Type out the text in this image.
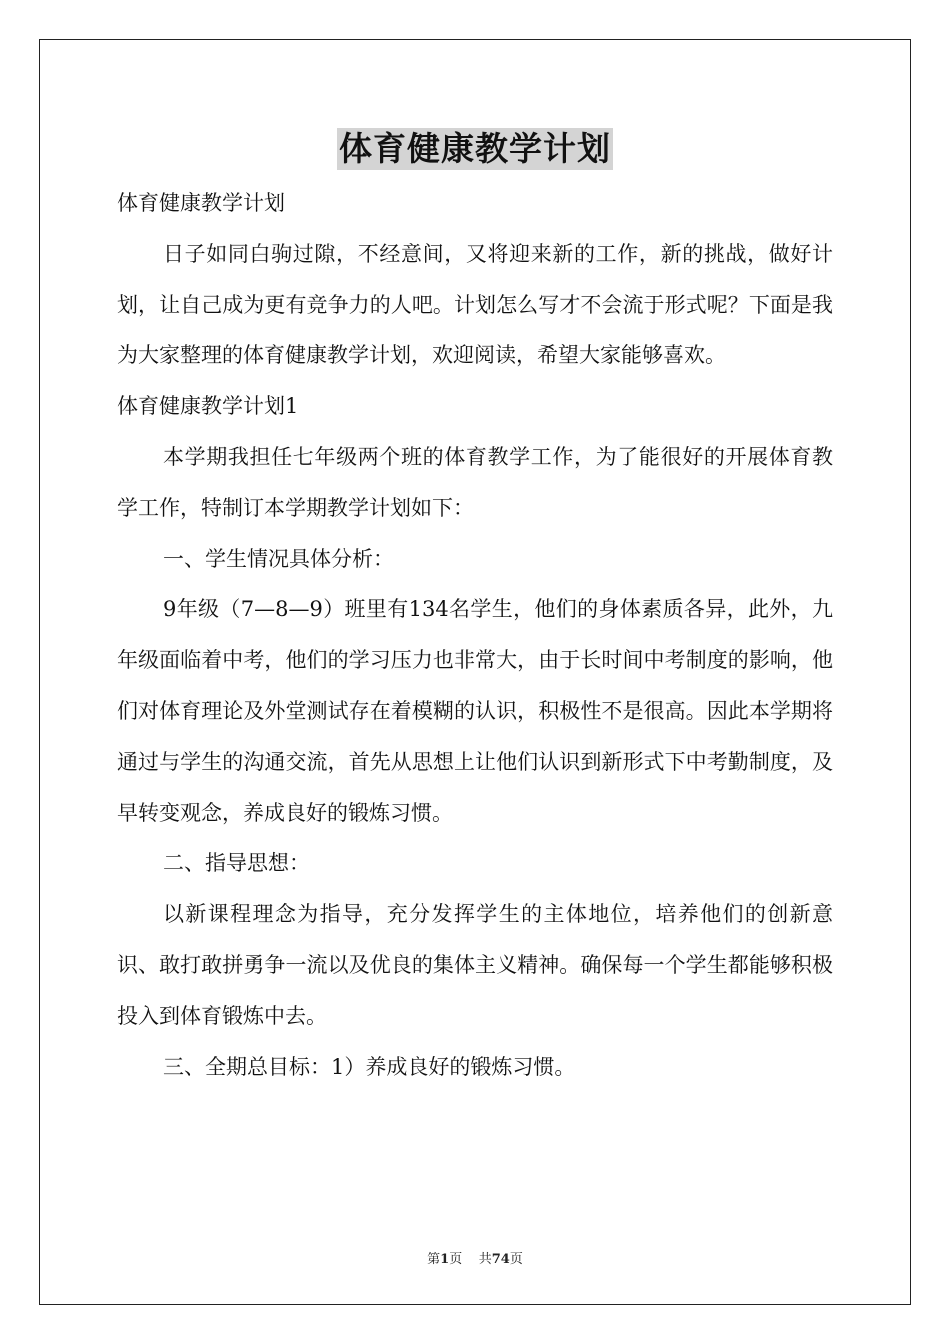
体育健康教学计划

体育健康教学计划

日子如同白驹过隙，不经意间，又将迎来新的工作，新的挑战，做好计划，让自己成为更有竞争力的人吧。计划怎么写才不会流于形式呢？下面是我为大家整理的体育健康教学计划，欢迎阅读，希望大家能够喜欢。

体育健康教学计划1

本学期我担任七年级两个班的体育教学工作，为了能很好的开展体育教学工作，特制订本学期教学计划如下：

一、学生情况具体分析：

9年级（7—8—9）班里有134名学生，他们的身体素质各异，此外，九年级面临着中考，他们的学习压力也非常大，由于长时间中考制度的影响，他们对体育理论及外堂测试存在着模糊的认识，积极性不是很高。因此本学期将通过与学生的沟通交流，首先从思想上让他们认识到新形式下中考勤制度，及早转变观念，养成良好的锻炼习惯。

二、指导思想：

以新课程理念为指导，充分发挥学生的主体地位，培养他们的创新意识、敢打敢拼勇争一流以及优良的集体主义精神。确保每一个学生都能够积极投入到体育锻炼中去。

三、全期总目标：1）养成良好的锻炼习惯。

第1页 共74页
